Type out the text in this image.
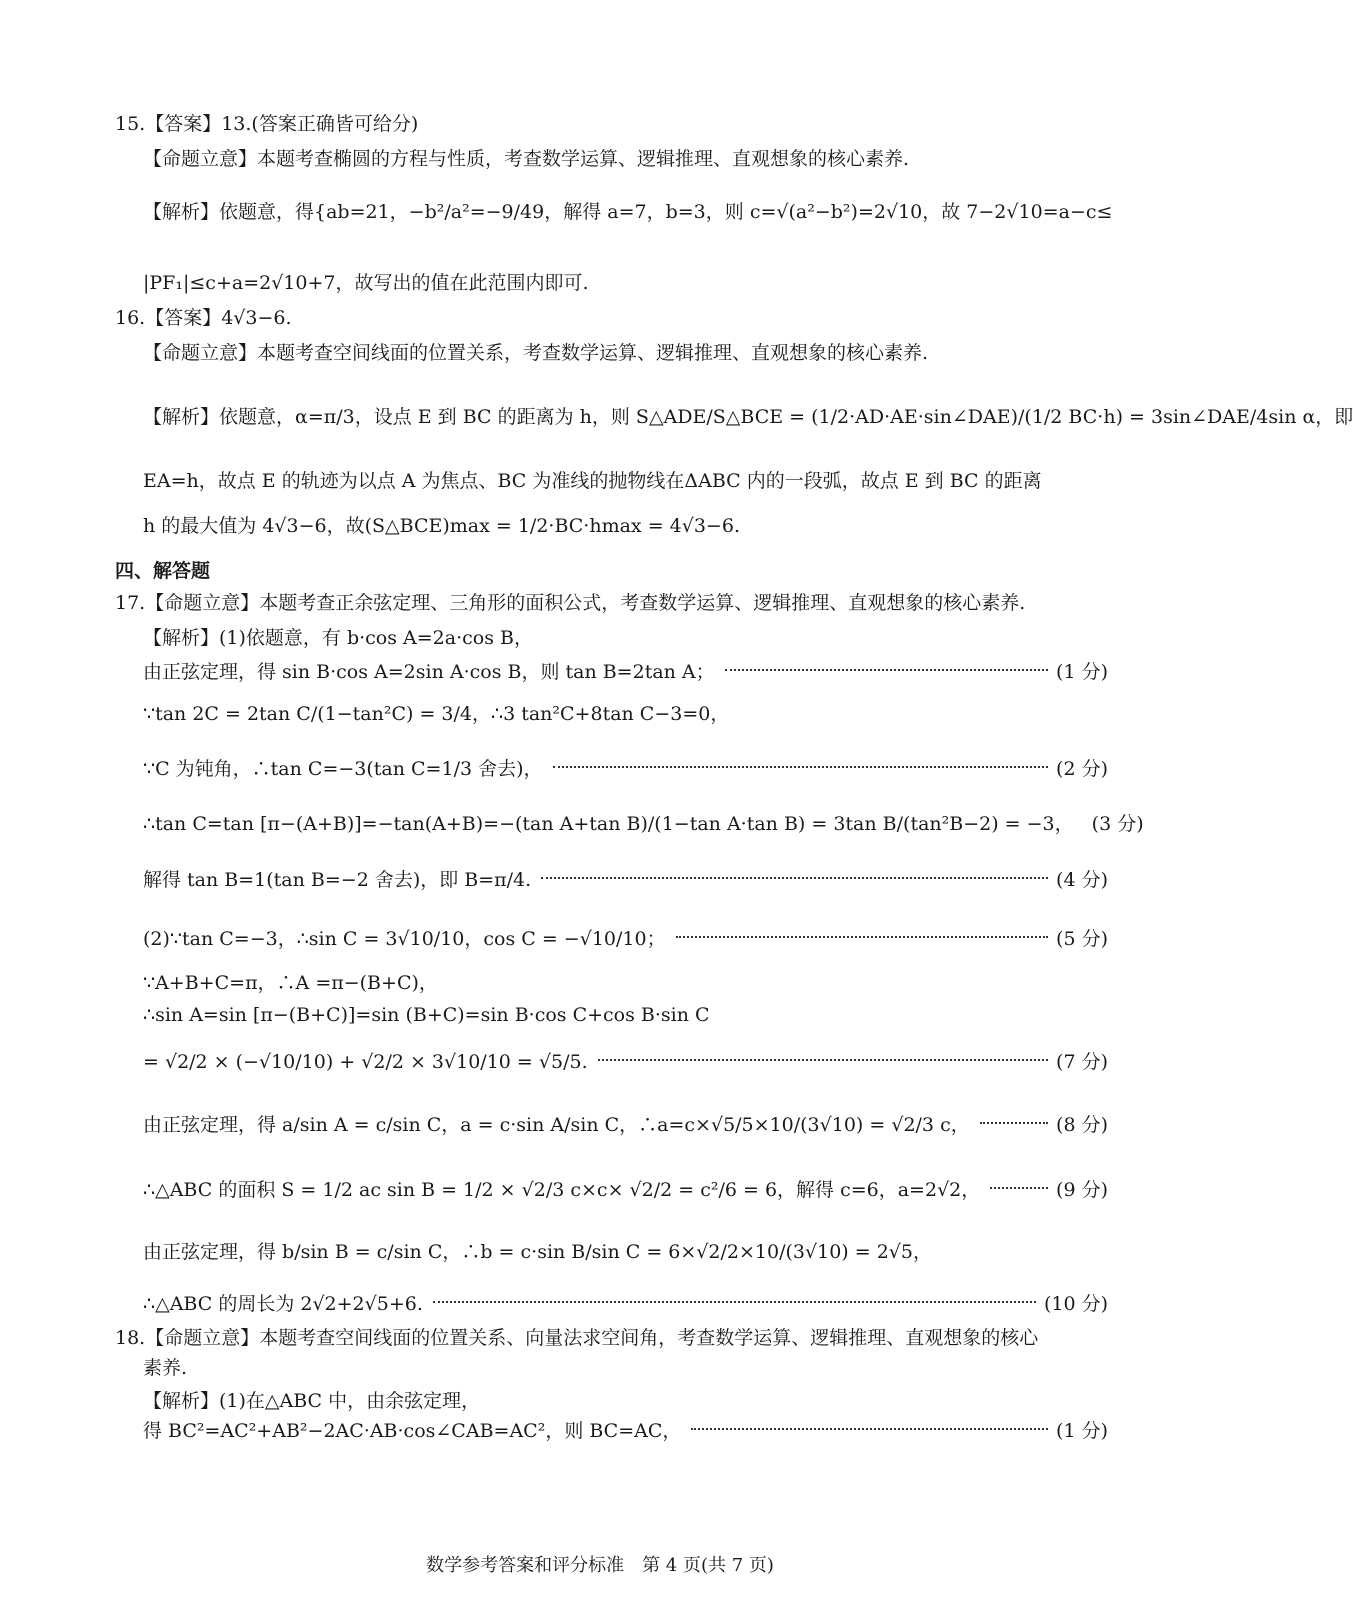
15.【答案】13.(答案正确皆可给分)
【命题立意】本题考查椭圆的方程与性质，考查数学运算、逻辑推理、直观想象的核心素养.
【解析】依题意，得{ab=21，−b²/a²=−9/49，解得 a=7，b=3，则 c=√(a²−b²)=2√10，故 7−2√10=a−c≤
|PF₁|≤c+a=2√10+7，故写出的值在此范围内即可.
16.【答案】4√3−6.
【命题立意】本题考查空间线面的位置关系，考查数学运算、逻辑推理、直观想象的核心素养.
【解析】依题意，α=π/3，设点 E 到 BC 的距离为 h，则 S△ADE/S△BCE = (1/2·AD·AE·sin∠DAE)/(1/2 BC·h) = 3sin∠DAE/4sin α，即
EA=h，故点 E 的轨迹为以点 A 为焦点、BC 为准线的抛物线在ΔABC 内的一段弧，故点 E 到 BC 的距离
h 的最大值为 4√3−6，故(S△BCE)max = 1/2·BC·hmax = 4√3−6.
17.【命题立意】本题考查正余弦定理、三角形的面积公式，考查数学运算、逻辑推理、直观想象的核心素养.
【解析】(1)依题意，有 b·cos A=2a·cos B，
由正弦定理，得 sin B·cos A=2sin A·cos B，则 tan B=2tan A；	(1 分)
∵tan 2C = 2tan C/(1−tan²C) = 3/4，∴3 tan²C+8tan C−3=0，
∵C 为钝角，∴tan C=−3(tan C=1/3 舍去)，	(2 分)
∴tan C=tan [π−(A+B)]=−tan(A+B)=−(tan A+tan B)/(1−tan A·tan B) = 3tan B/(tan²B−2) = −3， (3 分)
解得 tan B=1(tan B=−2 舍去)，即 B=π/4.	(4 分)
(2)∵tan C=−3，∴sin C = 3√10/10，cos C = −√10/10；	(5 分)
∵A+B+C=π，∴A =π−(B+C)，
∴sin A=sin [π−(B+C)]=sin (B+C)=sin B·cos C+cos B·sin C
= √2/2 × (−√10/10) + √2/2 × 3√10/10 = √5/5.	(7 分)
由正弦定理，得 a/sin A = c/sin C，a = c·sin A/sin C，∴a=c×√5/5×10/(3√10) = √2/3 c，	(8 分)
∴△ABC 的面积 S = 1/2 ac sin B = 1/2 × √2/3 c×c× √2/2 = c²/6 = 6，解得 c=6，a=2√2，	(9 分)
由正弦定理，得 b/sin B = c/sin C，∴b = c·sin B/sin C = 6×√2/2×10/(3√10) = 2√5，
∴△ABC 的周长为 2√2+2√5+6.	(10 分)
18.【命题立意】本题考查空间线面的位置关系、向量法求空间角，考查数学运算、逻辑推理、直观想象的核心
素养.
【解析】(1)在△ABC 中，由余弦定理，
得 BC²=AC²+AB²−2AC·AB·cos∠CAB=AC²，则 BC=AC，	(1 分)
四、解答题
数学参考答案和评分标准　第 4 页(共 7 页)
